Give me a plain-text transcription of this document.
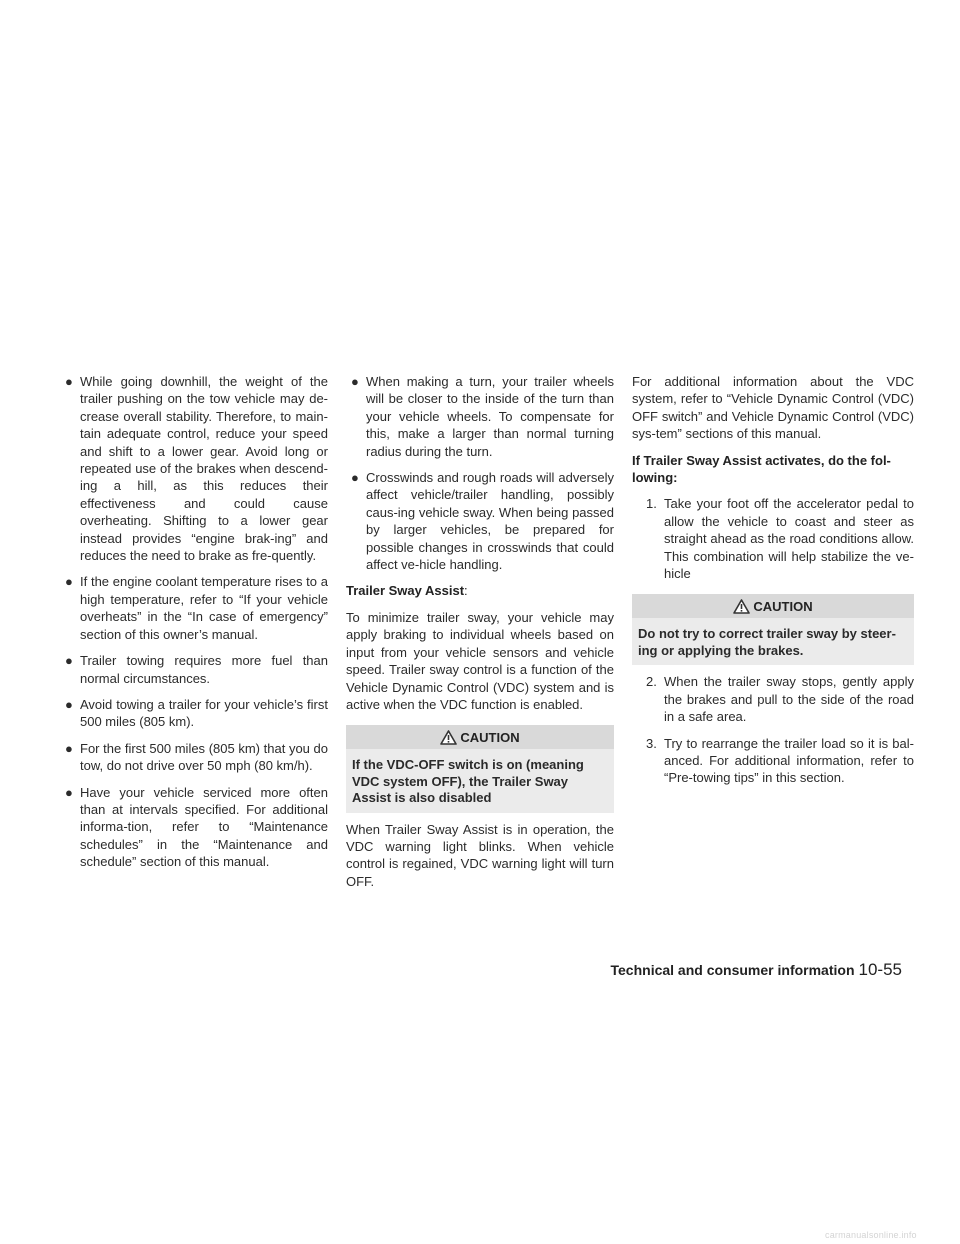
● While going downhill, the weight of the trailer pushing on the tow vehicle may de-crease overall stability. Therefore, to main-tain adequate control, reduce your speed and shift to a lower gear. Avoid long or repeated use of the brakes when descend-ing a hill, as this reduces their effectiveness and could cause overheating. Shifting to a lower gear instead provides “engine brak-ing” and reduces the need to brake as fre-quently.
● If the engine coolant temperature rises to a high temperature, refer to “If your vehicle overheats” in the “In case of emergency” section of this owner’s manual.
● Trailer towing requires more fuel than normal circumstances.
● Avoid towing a trailer for your vehicle’s first 500 miles (805 km).
● For the first 500 miles (805 km) that you do tow, do not drive over 50 mph (80 km/h).
● Have your vehicle serviced more often than at intervals specified. For additional informa-tion, refer to “Maintenance schedules” in the “Maintenance and schedule” section of this manual.
● When making a turn, your trailer wheels will be closer to the inside of the turn than your vehicle wheels. To compensate for this, make a larger than normal turning radius during the turn.
● Crosswinds and rough roads will adversely affect vehicle/trailer handling, possibly caus-ing vehicle sway. When being passed by larger vehicles, be prepared for possible changes in crosswinds that could affect ve-hicle handling.
Trailer Sway Assist:
To minimize trailer sway, your vehicle may apply braking to individual wheels based on input from your vehicle sensors and vehicle speed. Trailer sway control is a function of the Vehicle Dynamic Control (VDC) system and is active when the VDC function is enabled.
CAUTION
If the VDC-OFF switch is on (meaning VDC system OFF), the Trailer Sway Assist is also disabled
When Trailer Sway Assist is in operation, the VDC warning light blinks. When vehicle control is regained, VDC warning light will turn OFF.
For additional information about the VDC system, refer to “Vehicle Dynamic Control (VDC) OFF switch” and Vehicle Dynamic Control (VDC) sys-tem” sections of this manual.
If Trailer Sway Assist activates, do the fol-lowing:
1. Take your foot off the accelerator pedal to allow the vehicle to coast and steer as straight ahead as the road conditions allow. This combination will help stabilize the ve-hicle
CAUTION
Do not try to correct trailer sway by steer-ing or applying the brakes.
2. When the trailer sway stops, gently apply the brakes and pull to the side of the road in a safe area.
3. Try to rearrange the trailer load so it is bal-anced. For additional information, refer to “Pre-towing tips” in this section.
Technical and consumer information 10-55
carmanualsonline.info
